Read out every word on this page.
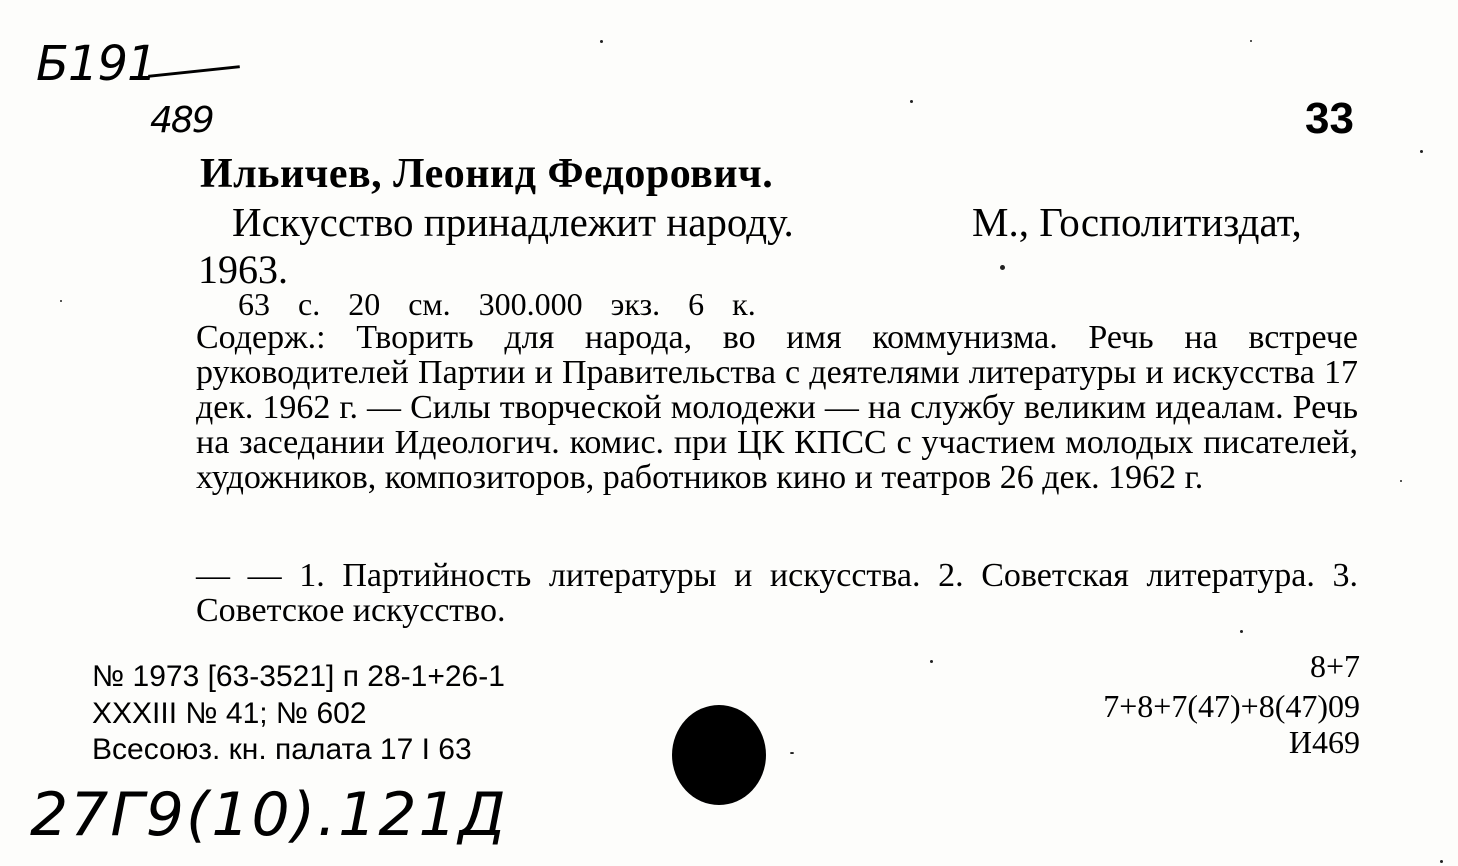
Б191
489	33
Ильичев, Леонид Федорович.
Искусство принадлежит народу.	М., Госполитиздат,
1963.
63 с. 20 см. 300.000 экз. 6 к.
Содерж.: Творить для народа, во имя коммунизма. Речь на встрече руководителей Партии и Правительства с деятелями литературы и искусства 17 дек. 1962 г. — Силы творческой молодежи — на службу великим идеалам. Речь на заседании Идеологич. комис. при ЦК КПСС с участием молодых писателей, художников, композиторов, работников кино и театров 26 дек. 1962 г.
— — 1. Партийность литературы и искусства. 2. Советская литература. 3. Советское искусство.
№ 1973 [63-3521] п 28-1+26-1
XXXIII № 41; № 602
Всесоюз. кн. палата 17 I 63
8+7
7+8+7(47)+8(47)09
И469
27Г9(10).121Д
